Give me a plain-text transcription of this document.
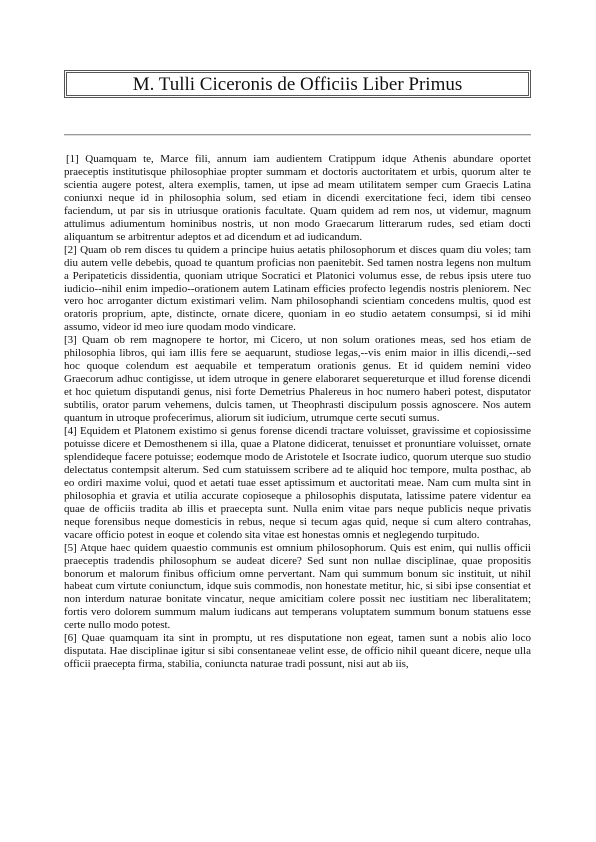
M. Tulli Ciceronis de Officiis Liber Primus

[1] Quamquam te, Marce fili, annum iam audientem Cratippum idque Athenis abundare oportet praeceptis institutisque philosophiae propter summam et doctoris auctoritatem et urbis, quorum alter te scientia augere potest, altera exemplis, tamen, ut ipse ad meam utilitatem semper cum Graecis Latina coniunxi neque id in philosophia solum, sed etiam in dicendi exercitatione feci, idem tibi censeo faciendum, ut par sis in utriusque orationis facultate. Quam quidem ad rem nos, ut videmur, magnum attulimus adiumentum hominibus nostris, ut non modo Graecarum litterarum rudes, sed etiam docti aliquantum se arbitrentur adeptos et ad dicendum et ad iudicandum.

[2] Quam ob rem disces tu quidem a principe huius aetatis philosophorum et disces quam diu voles; tam diu autem velle debebis, quoad te quantum proficias non paenitebit. Sed tamen nostra legens non multum a Peripateticis dissidentia, quoniam utrique Socratici et Platonici volumus esse, de rebus ipsis utere tuo iudicio--nihil enim impedio--orationem autem Latinam efficies profecto legendis nostris pleniorem. Nec vero hoc arroganter dictum existimari velim. Nam philosophandi scientiam concedens multis, quod est oratoris proprium, apte, distincte, ornate dicere, quoniam in eo studio aetatem consumpsi, si id mihi assumo, videor id meo iure quodam modo vindicare.

[3] Quam ob rem magnopere te hortor, mi Cicero, ut non solum orationes meas, sed hos etiam de philosophia libros, qui iam illis fere se aequarunt, studiose legas,--vis enim maior in illis dicendi,--sed hoc quoque colendum est aequabile et temperatum orationis genus. Et id quidem nemini video Graecorum adhuc contigisse, ut idem utroque in genere elaboraret sequereturque et illud forense dicendi et hoc quietum disputandi genus, nisi forte Demetrius Phalereus in hoc numero haberi potest, disputator subtilis, orator parum vehemens, dulcis tamen, ut Theophrasti discipulum possis agnoscere. Nos autem quantum in utroque profecerimus, aliorum sit iudicium, utrumque certe secuti sumus.

[4] Equidem et Platonem existimo si genus forense dicendi tractare voluisset, gravissime et copiosissime potuisse dicere et Demosthenem si illa, quae a Platone didicerat, tenuisset et pronuntiare voluisset, ornate splendideque facere potuisse; eodemque modo de Aristotele et Isocrate iudico, quorum uterque suo studio delectatus contempsit alterum. Sed cum statuissem scribere ad te aliquid hoc tempore, multa posthac, ab eo ordiri maxime volui, quod et aetati tuae esset aptissimum et auctoritati meae. Nam cum multa sint in philosophia et gravia et utilia accurate copioseque a philosophis disputata, latissime patere videntur ea quae de officiis tradita ab illis et praecepta sunt. Nulla enim vitae pars neque publicis neque privatis neque forensibus neque domesticis in rebus, neque si tecum agas quid, neque si cum altero contrahas, vacare officio potest in eoque et colendo sita vitae est honestas omnis et neglegendo turpitudo.

[5] Atque haec quidem quaestio communis est omnium philosophorum. Quis est enim, qui nullis officii praeceptis tradendis philosophum se audeat dicere? Sed sunt non nullae disciplinae, quae propositis bonorum et malorum finibus officium omne pervertant. Nam qui summum bonum sic instituit, ut nihil habeat cum virtute coniunctum, idque suis commodis, non honestate metitur, hic, si sibi ipse consentiat et non interdum naturae bonitate vincatur, neque amicitiam colere possit nec iustitiam nec liberalitatem; fortis vero dolorem summum malum iudicans aut temperans voluptatem summum bonum statuens esse certe nullo modo potest.

[6] Quae quamquam ita sint in promptu, ut res disputatione non egeat, tamen sunt a nobis alio loco disputata. Hae disciplinae igitur si sibi consentaneae velint esse, de officio nihil queant dicere, neque ulla officii praecepta firma, stabilia, coniuncta naturae tradi possunt, nisi aut ab iis,
